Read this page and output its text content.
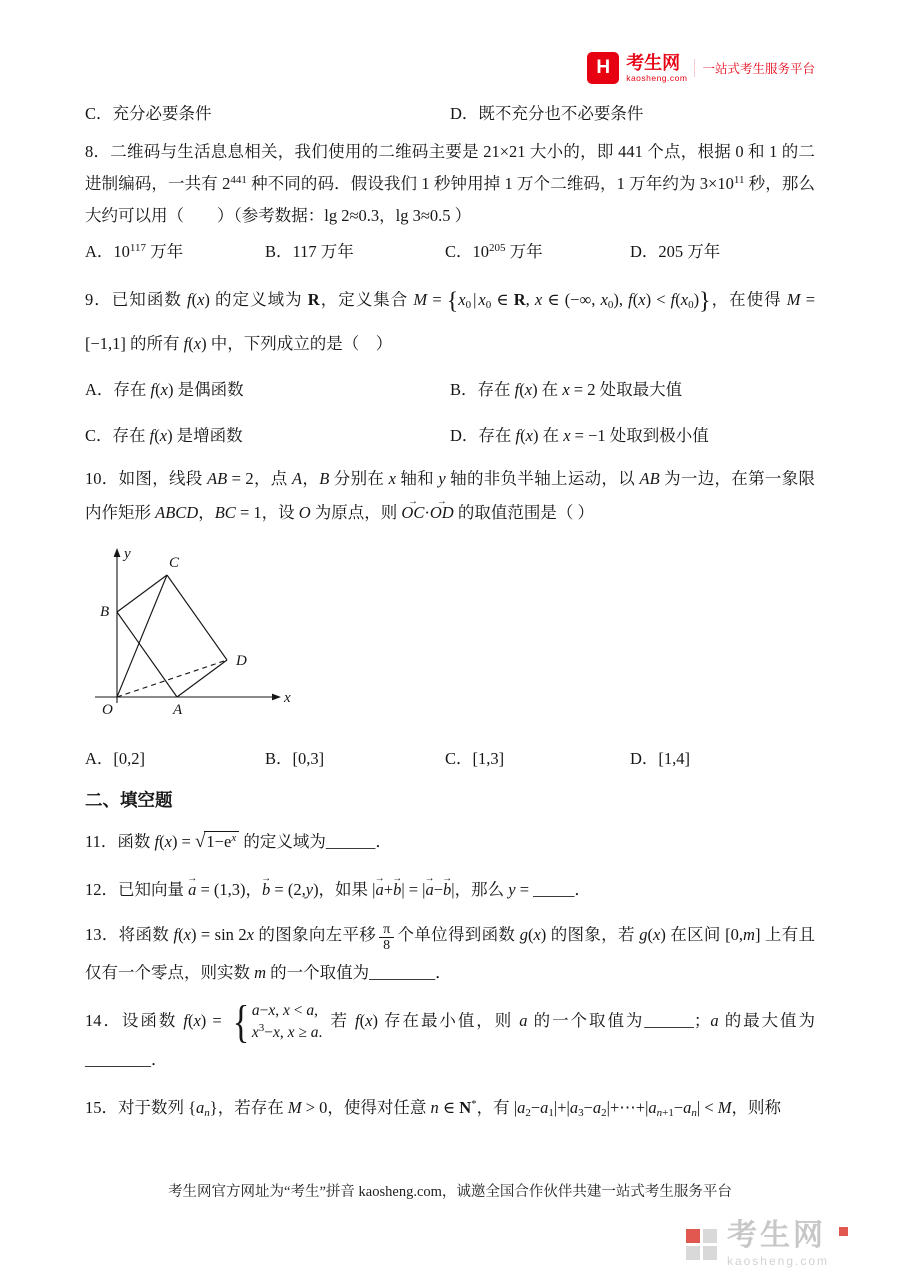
H 考生网
kaosheng.com
一站式考生服务平台
C．充分必要条件	D．既不充分也不必要条件

8．二维码与生活息息相关，我们使用的二维码主要是 21×21 大小的，即 441 个点，根据 0 和 1 的二进制编码，一共有 $2^{441}$ 种不同的码．假设我们 1 秒钟用掉 1 万个二维码，1 万年约为 $3\times 10^{11}$ 秒，那么大约可以用（　　）（参考数据：lg 2≈0.3，lg 3≈0.5 ）

A．$10^{117}$ 万年	B．117 万年	C．$10^{205}$ 万年	D．205 万年

9．已知函数 f(x) 的定义域为 R，定义集合 $M = \{x_0$ | $x_0$ ∈ R, x ∈ (−∞, $x_0$), $f(x) < f(x_0)$}，在使得 M = [−1,1] 的所有 f(x) 中，下列成立的是（　）

A．存在 f(x) 是偶函数	B．存在 f(x) 在 x = 2 处取最大值
C．存在 f(x) 是增函数	D．存在 f(x) 在 x = −1 处取到极小值

10．如图，线段 AB = 2，点 A，B 分别在 x 轴和 y 轴的非负半轴上运动，以 AB 为一边，在第一象限内作矩形 ABCD，BC = 1，设 O 为原点，则 OC →·OD → 的取值范围是（ ）

y
x
O	A
B
C
D
A．[0,2]	B．[0,3]	C．[1,3]	D．[1,4]

二、填空题

11．函数 $f(x) = √1-e^x$ 的定义域为______．

12．已知向量 a → = (1,3)，b → = (2,y)，如果 |a →+b →| = |a →−b →|，那么 y = _____．

13．将函数 f(x) = sin 2x 的图象向左平移 $\frac{\pi}{8}$ 个单位得到函数 g(x) 的图象，若 g(x) 在区间 [0,m] 上有且仅有一个零点，则实数 m 的一个取值为________．

14．设函数 f(x) = { a−x, x < a,
$x^3-x$, x ≥ a.
若 f(x) 存在最小值，则 a 的一个取值为______；a 的最大值为________．

15．对于数列 $\{a_n\}$，若存在 M > 0，使得对任意 n ∈ N*，有 $|a_2-a_1|+|a_3-a_2|+\cdots+|a_{n+1}-a_n| < M$，则称

考生网官方网址为“考生”拼音 kaosheng.com，诚邀全国合作伙伴共建一站式考生服务平台
考生网
kaosheng.com
